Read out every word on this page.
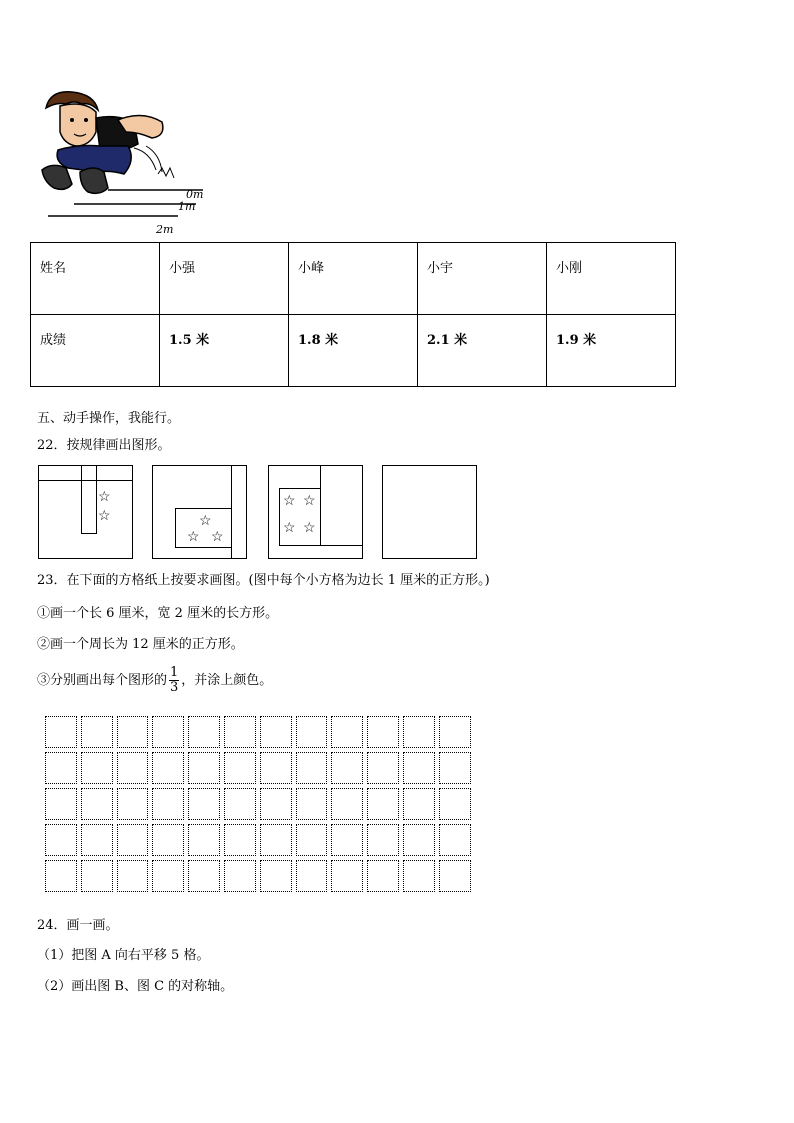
0m
1m
2m
姓名	小强	小峰	小宇	小刚
成绩	1.5 米	1.8 米	2.1 米	1.9 米
五、动手操作，我能行。
22．按规律画出图形。
☆
☆	☆
☆ ☆
☆ ☆
☆ ☆
23．在下面的方格纸上按要求画图。(图中每个小方格为边长 1 厘米的正方形。)
①画一个长 6 厘米，宽 2 厘米的长方形。
②画一个周长为 12 厘米的正方形。
③分别画出每个图形的 $\frac{1}{3}$ ，并涂上颜色。
24．画一画。
（1）把图 A 向右平移 5 格。
（2）画出图 B、图 C 的对称轴。
